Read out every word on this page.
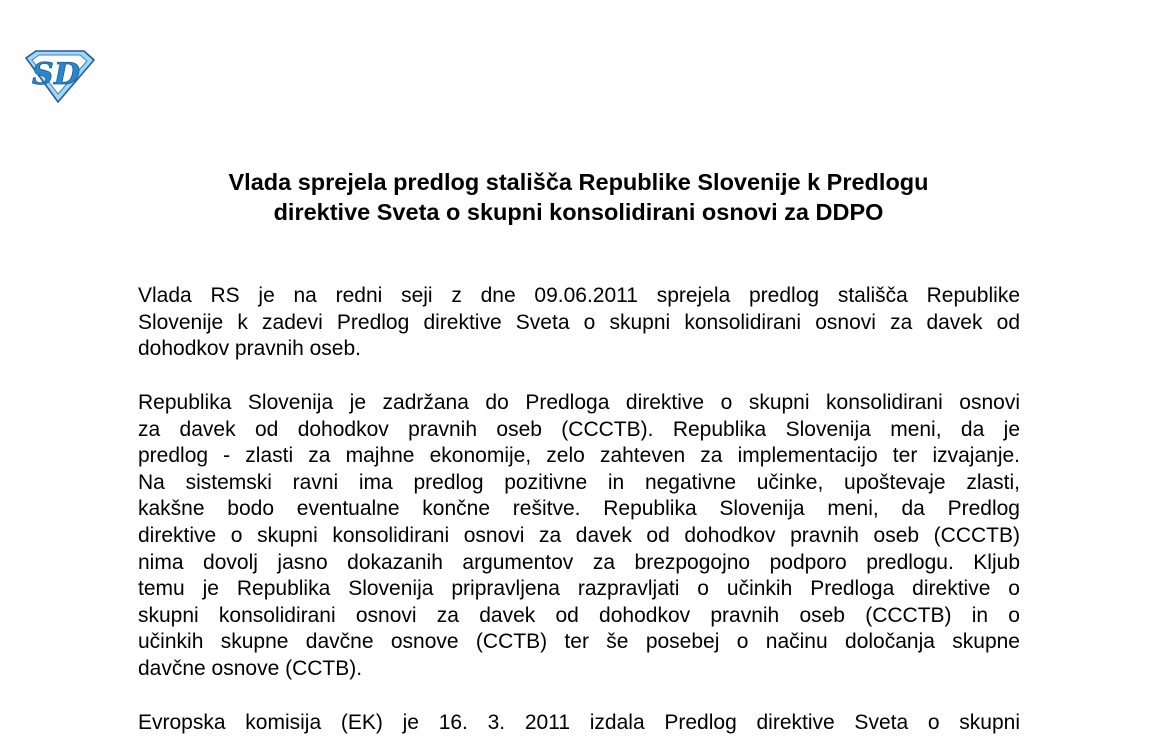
S D
Vlada sprejela predlog stališča Republike Slovenije k Predlogu
direktive Sveta o skupni konsolidirani osnovi za DDPO

Vlada RS je na redni seji z dne 09.06.2011 sprejela predlog stališča Republike
Slovenije k zadevi Predlog direktive Sveta o skupni konsolidirani osnovi za davek od
dohodkov pravnih oseb.

Republika Slovenija je zadržana do Predloga direktive o skupni konsolidirani osnovi
za davek od dohodkov pravnih oseb (CCCTB). Republika Slovenija meni, da je
predlog - zlasti za majhne ekonomije, zelo zahteven za implementacijo ter izvajanje.
Na sistemski ravni ima predlog pozitivne in negativne učinke, upoštevaje zlasti,
kakšne bodo eventualne končne rešitve. Republika Slovenija meni, da Predlog
direktive o skupni konsolidirani osnovi za davek od dohodkov pravnih oseb (CCCTB)
nima dovolj jasno dokazanih argumentov za brezpogojno podporo predlogu. Kljub
temu je Republika Slovenija pripravljena razpravljati o učinkih Predloga direktive o
skupni konsolidirani osnovi za davek od dohodkov pravnih oseb (CCCTB) in o
učinkih skupne davčne osnove (CCTB) ter še posebej o načinu določanja skupne
davčne osnove (CCTB).

Evropska komisija (EK) je 16. 3. 2011 izdala Predlog direktive Sveta o skupni
